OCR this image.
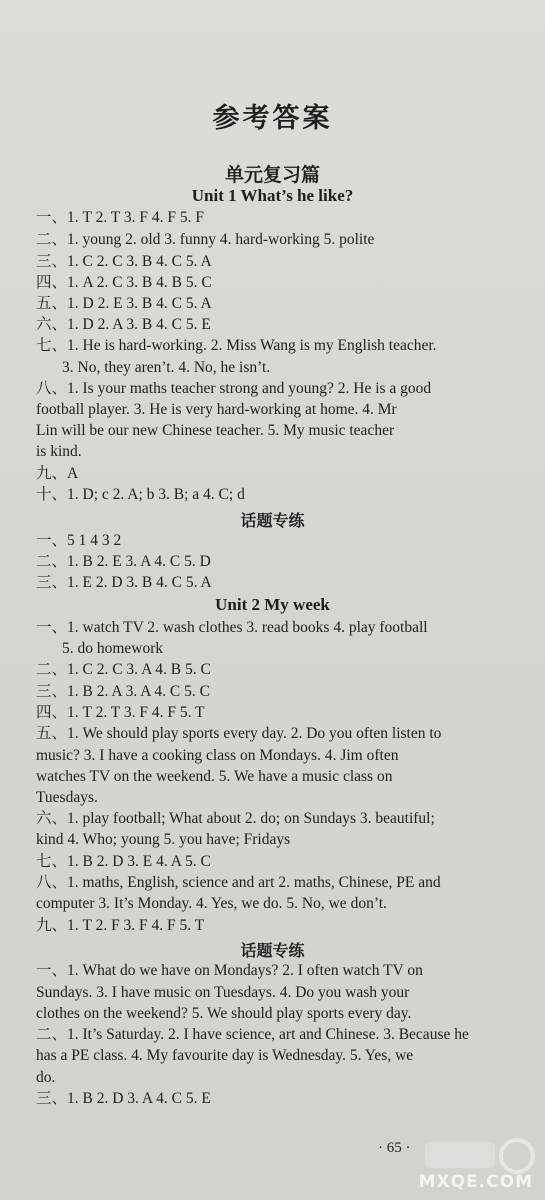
参考答案
单元复习篇
Unit 1 What’s he like?
一、1. T 2. T 3. F 4. F 5. F
二、1. young 2. old 3. funny 4. hard-working 5. polite
三、1. C 2. C 3. B 4. C 5. A
四、1. A 2. C 3. B 4. B 5. C
五、1. D 2. E 3. B 4. C 5. A
六、1. D 2. A 3. B 4. C 5. E
七、1. He is hard-working. 2. Miss Wang is my English teacher.
3. No, they aren’t. 4. No, he isn’t.
八、1. Is your maths teacher strong and young? 2. He is a good
football player. 3. He is very hard-working at home. 4. Mr
Lin will be our new Chinese teacher. 5. My music teacher
is kind.
九、A
十、1. D; c 2. A; b 3. B; a 4. C; d
话题专练
一、5 1 4 3 2
二、1. B 2. E 3. A 4. C 5. D
三、1. E 2. D 3. B 4. C 5. A
Unit 2 My week
一、1. watch TV 2. wash clothes 3. read books 4. play football
5. do homework
二、1. C 2. C 3. A 4. B 5. C
三、1. B 2. A 3. A 4. C 5. C
四、1. T 2. T 3. F 4. F 5. T
五、1. We should play sports every day. 2. Do you often listen to
music? 3. I have a cooking class on Mondays. 4. Jim often
watches TV on the weekend. 5. We have a music class on
Tuesdays.
六、1. play football; What about 2. do; on Sundays 3. beautiful;
kind 4. Who; young 5. you have; Fridays
七、1. B 2. D 3. E 4. A 5. C
八、1. maths, English, science and art 2. maths, Chinese, PE and
computer 3. It’s Monday. 4. Yes, we do. 5. No, we don’t.
九、1. T 2. F 3. F 4. F 5. T
话题专练
一、1. What do we have on Mondays? 2. I often watch TV on
Sundays. 3. I have music on Tuesdays. 4. Do you wash your
clothes on the weekend? 5. We should play sports every day.
二、1. It’s Saturday. 2. I have science, art and Chinese. 3. Because he
has a PE class. 4. My favourite day is Wednesday. 5. Yes, we
do.
三、1. B 2. D 3. A 4. C 5. E
· 65 ·
MXQE.COM
